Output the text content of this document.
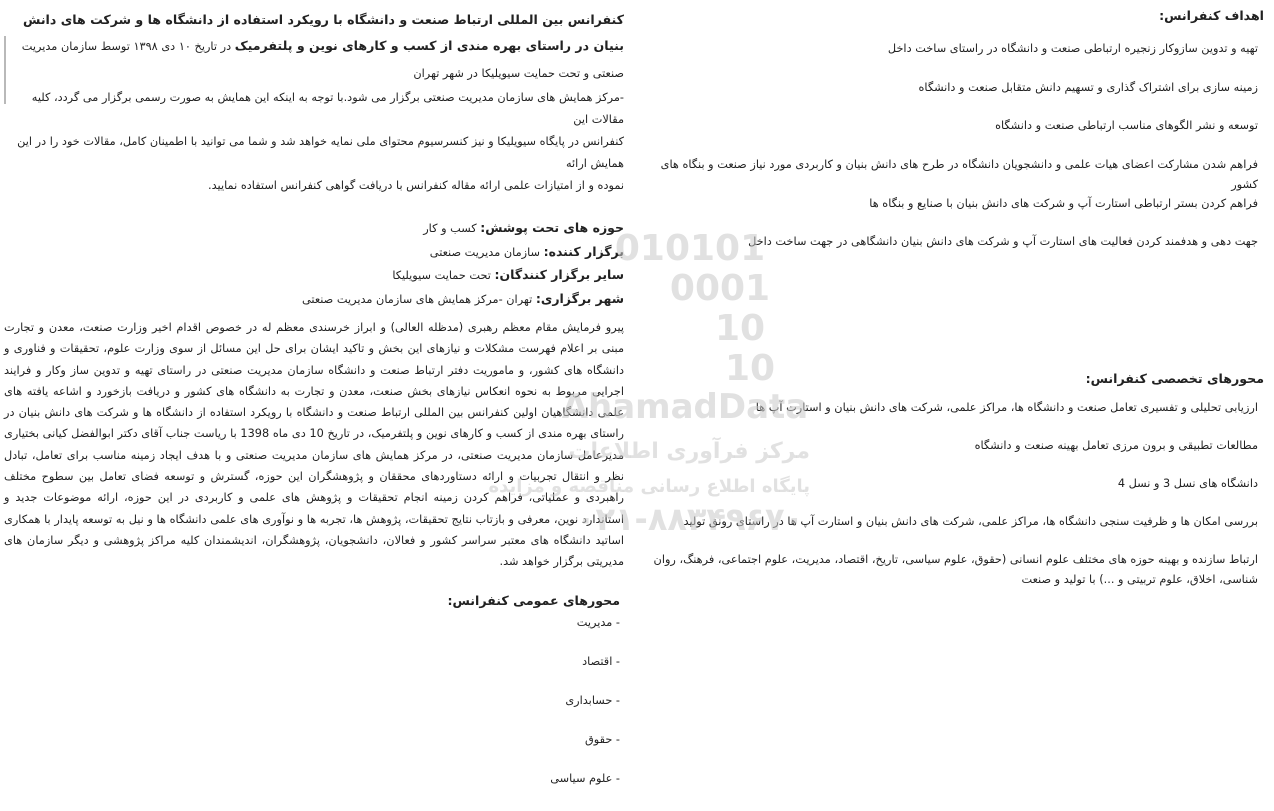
کنفرانس بین المللی ارتباط صنعت و دانشگاه با رویکرد استفاده از دانشگاه ها و شرکت های دانش بنیان در راستای بهره مندی از کسب و کارهای نوین و پلتفرمیک در تاریخ ۱۰ دی ۱۳۹۸ توسط سازمان مدیریت صنعتی و تحت حمایت سیویلیکا در شهر تهران
-مرکز همایش های سازمان مدیریت صنعتی برگزار می شود.با توجه به اینکه این همایش به صورت رسمی برگزار می گردد، کلیه مقالات این
کنفرانس در پایگاه سیویلیکا و نیز کنسرسیوم محتوای ملی نمایه خواهد شد و شما می توانید با اطمینان کامل، مقالات خود را در این همایش ارائه
نموده و از امتیازات علمی ارائه مقاله کنفرانس با دریافت گواهی کنفرانس استفاده نمایید.
حوزه های تحت پوشش: کسب و کار
برگزار کننده: سازمان مدیریت صنعتی
سایر برگزار کنندگان: تحت حمایت سیویلیکا
شهر برگزاری: تهران -مرکز همایش های سازمان مدیریت صنعتی
پیرو فرمایش مقام معظم رهبری (مدظله العالی) و ابراز خرسندی معظم له در خصوص اقدام اخیر وزارت صنعت، معدن و تجارت مبنی بر اعلام فهرست مشکلات و نیازهای این بخش و تاکید ایشان برای حل این مسائل از سوی وزارت علوم، تحقیقات و فناوری و دانشگاه های کشور، و ماموریت دفتر ارتباط صنعت و دانشگاه سازمان مدیریت صنعتی در راستای تهیه و تدوین ساز وکار و فرایند اجرایی مربوط به نحوه انعکاس نیازهای بخش صنعت، معدن و تجارت به دانشگاه های کشور و دریافت بازخورد و اشاعه یافته های علمی دانشگاهیان اولین کنفرانس بین المللی ارتباط صنعت و دانشگاه با رویکرد استفاده از دانشگاه ها و شرکت های دانش بنیان در راستای بهره مندی از کسب و کارهای نوین و پلتفرمیک، در تاریخ 10 دی ماه 1398 با ریاست جناب آقای دکتر ابوالفضل کیانی بختیاری مدیرعامل سازمان مدیریت صنعتی، در مرکز همایش های سازمان مدیریت صنعتی و با هدف ایجاد زمینه مناسب برای تعامل، تبادل نظر و انتقال تجربیات و ارائه دستاوردهای محققان و پژوهشگران این حوزه، گسترش و توسعه فضای تعامل بین سطوح مختلف راهبردی و عملیاتی، فراهم کردن زمینه انجام تحقیقات و پژوهش های علمی و کاربردی در این حوزه، ارائه موضوعات جدید و استاندارد نوین، معرفی و بازتاب نتایج تحقیقات، پژوهش ها، تجربه ها و نوآوری های علمی دانشگاه ها و نیل به توسعه پایدار با همکاری اساتید دانشگاه های معتبر سراسر کشور و فعالان، دانشجویان، پژوهشگران، اندیشمندان کلیه مراکز پژوهشی و دیگر سازمان های مدیریتی برگزار خواهد شد.
محورهای عمومی کنفرانس:
- مدیریت
- اقتصاد
- حسابداری
- حقوق
- علوم سیاسی
اهداف کنفرانس:
تهیه و تدوین سازوکار زنجیره ارتباطی صنعت و دانشگاه در راستای ساخت داخل
زمینه سازی برای اشتراک گذاری و تسهیم دانش متقابل صنعت و دانشگاه
توسعه و نشر الگوهای مناسب ارتباطی صنعت و دانشگاه
فراهم شدن مشارکت اعضای هیات علمی و دانشجویان دانشگاه در طرح های دانش بنیان و کاربردی مورد نیاز صنعت و بنگاه های کشور
فراهم کردن بستر ارتباطی استارت آپ و شرکت های دانش بنیان با صنایع و بنگاه ها
جهت دهی و هدفمند کردن فعالیت های استارت آپ و شرکت های دانش بنیان دانشگاهی در جهت ساخت داخل
محورهای تخصصی کنفرانس:
ارزیابی تحلیلی و تفسیری تعامل صنعت و دانشگاه ها، مراکز علمی، شرکت های دانش بنیان و استارت آپ ها
مطالعات تطبیقی و برون مرزی تعامل بهینه صنعت و دانشگاه
دانشگاه های نسل 3 و نسل 4
بررسی امکان ها و ظرفیت سنجی دانشگاه ها، مراکز علمی، شرکت های دانش بنیان و استارت آپ ها در راستای رونق تولید
ارتباط سازنده و بهینه حوزه های مختلف علوم انسانی (حقوق، علوم سیاسی، تاریخ، اقتصاد، مدیریت، علوم اجتماعی، فرهنگ، روان شناسی، اخلاق، علوم تربیتی و ...) با تولید و صنعت
010101
0001
10
10
AhamadData
مرکز فرآوری اطلاعات
پایگاه اطلاع رسانی مناقصه و مزایده
۰۲۱-۸۸۳۴۹۶۷۰
